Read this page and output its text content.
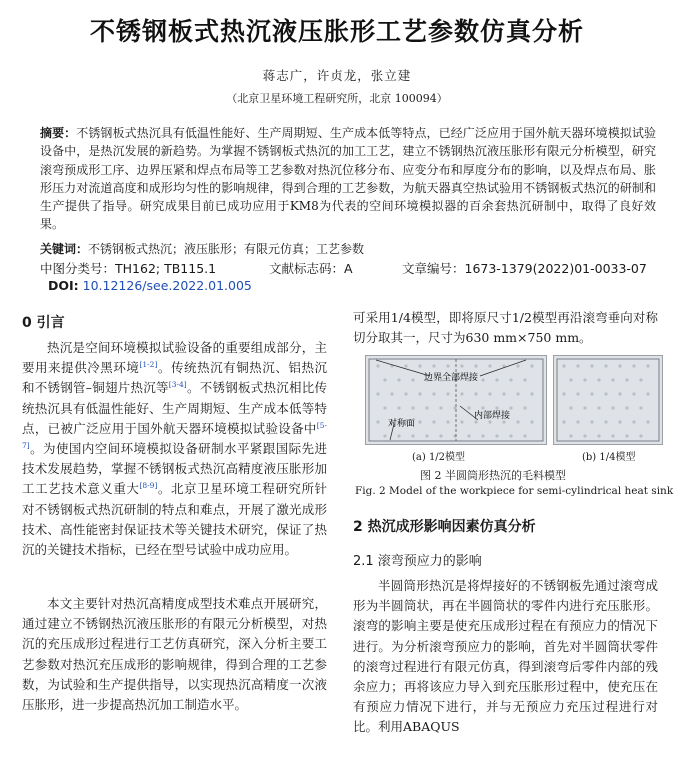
不锈钢板式热沉液压胀形工艺参数仿真分析
蒋志广，许贞龙，张立建
（北京卫星环境工程研究所，北京 100094）
摘要：不锈钢板式热沉具有低温性能好、生产周期短、生产成本低等特点，已经广泛应用于国外航天器环境模拟试验设备中，是热沉发展的新趋势。为掌握不锈钢板式热沉的加工工艺，建立不锈钢热沉液压胀形有限元分析模型，研究滚弯预成形工序、边界压紧和焊点布局等工艺参数对热沉位移分布、应变分布和厚度分布的影响，以及焊点布局、胀形压力对流道高度和成形均匀性的影响规律，得到合理的工艺参数，为航天器真空热试验用不锈钢板式热沉的研制和生产提供了指导。研究成果目前已成功应用于KM8为代表的空间环境模拟器的百余套热沉研制中，取得了良好效果。
关键词：不锈钢板式热沉；液压胀形；有限元仿真；工艺参数
中图分类号：TH162; TB115.1	文献标志码：A	文章编号：1673-1379(2022)01-0033-07
DOI: 10.12126/see.2022.01.005
0 引言
热沉是空间环境模拟试验设备的重要组成部分，主要用来提供冷黑环境[1-2]。传统热沉有铜热沉、铝热沉和不锈钢管–铜翅片热沉等[3-4]。不锈钢板式热沉相比传统热沉具有低温性能好、生产周期短、生产成本低等特点，已被广泛应用于国外航天器环境模拟试验设备中[5-7]。为使国内空间环境模拟设备研制水平紧跟国际先进技术发展趋势，掌握不锈钢板式热沉高精度液压胀形加工工艺技术意义重大[8-9]。北京卫星环境工程研究所针对不锈钢板式热沉研制的特点和难点，开展了激光成形技术、高性能密封保证技术等关键技术研究，保证了热沉的关键技术指标，已经在型号试验中成功应用。
本文主要针对热沉高精度成型技术难点开展研究，通过建立不锈钢热沉液压胀形的有限元分析模型，对热沉的充压成形过程进行工艺仿真研究，深入分析主要工艺参数对热沉充压成形的影响规律，得到合理的工艺参数，为试验和生产提供指导，以实现热沉高精度一次液压胀形，进一步提高热沉加工制造水平。
可采用1/4模型，即将原尺寸1/2模型再沿滚弯垂向对称切分取其一，尺寸为630 mm×750 mm。
边界全部焊接
对称面
内部焊接
(a) 1/2模型	(b) 1/4模型
图 2 半圆筒形热沉的毛料模型
Fig. 2 Model of the workpiece for semi-cylindrical heat sink
2 热沉成形影响因素仿真分析
2.1 滚弯预应力的影响
半圆筒形热沉是将焊接好的不锈钢板先通过滚弯成形为半圆筒状，再在半圆筒状的零件内进行充压胀形。滚弯的影响主要是使充压成形过程在有预应力的情况下进行。为分析滚弯预应力的影响，首先对半圆筒状零件的滚弯过程进行有限元仿真，得到滚弯后零件内部的残余应力；再将该应力导入到充压胀形过程中，使充压在有预应力情况下进行，并与无预应力充压过程进行对比。利用ABAQUS
